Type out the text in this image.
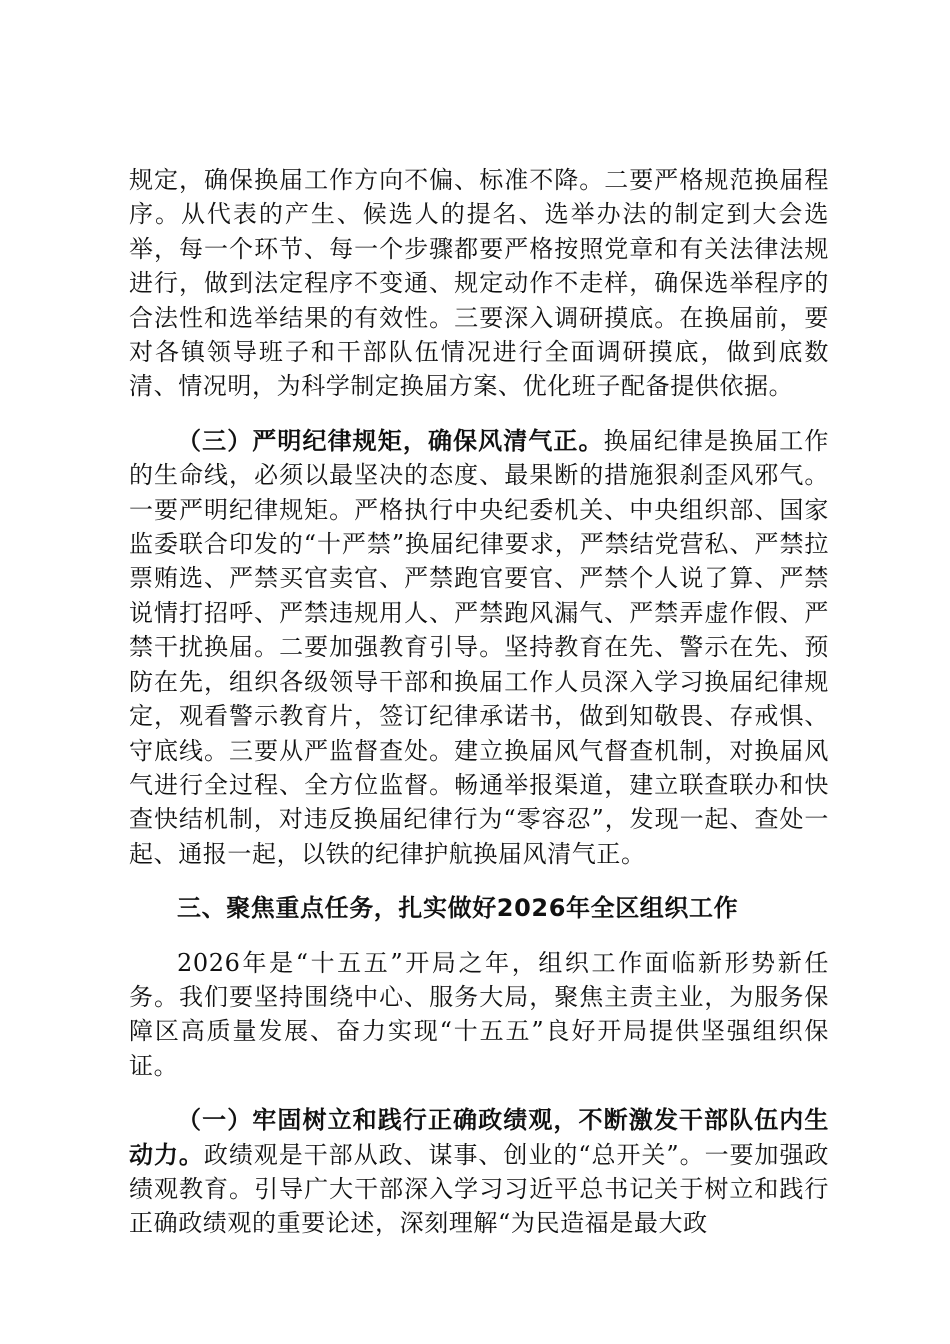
规定，确保换届工作方向不偏、标准不降。二要严格规范换届程序。从代表的产生、候选人的提名、选举办法的制定到大会选举，每一个环节、每一个步骤都要严格按照党章和有关法律法规进行，做到法定程序不变通、规定动作不走样，确保选举程序的合法性和选举结果的有效性。三要深入调研摸底。在换届前，要对各镇领导班子和干部队伍情况进行全面调研摸底，做到底数清、情况明，为科学制定换届方案、优化班子配备提供依据。

（三）严明纪律规矩，确保风清气正。换届纪律是换届工作的生命线，必须以最坚决的态度、最果断的措施狠刹歪风邪气。一要严明纪律规矩。严格执行中央纪委机关、中央组织部、国家监委联合印发的“十严禁”换届纪律要求，严禁结党营私、严禁拉票贿选、严禁买官卖官、严禁跑官要官、严禁个人说了算、严禁说情打招呼、严禁违规用人、严禁跑风漏气、严禁弄虚作假、严禁干扰换届。二要加强教育引导。坚持教育在先、警示在先、预防在先，组织各级领导干部和换届工作人员深入学习换届纪律规定，观看警示教育片，签订纪律承诺书，做到知敬畏、存戒惧、守底线。三要从严监督查处。建立换届风气督查机制，对换届风气进行全过程、全方位监督。畅通举报渠道，建立联查联办和快查快结机制，对违反换届纪律行为“零容忍”，发现一起、查处一起、通报一起，以铁的纪律护航换届风清气正。

三、聚焦重点任务，扎实做好2026年全区组织工作

2026年是“十五五”开局之年，组织工作面临新形势新任务。我们要坚持围绕中心、服务大局，聚焦主责主业，为服务保障区高质量发展、奋力实现“十五五”良好开局提供坚强组织保证。

（一）牢固树立和践行正确政绩观，不断激发干部队伍内生动力。政绩观是干部从政、谋事、创业的“总开关”。一要加强政绩观教育。引导广大干部深入学习习近平总书记关于树立和践行正确政绩观的重要论述，深刻理解“为民造福是最大政
